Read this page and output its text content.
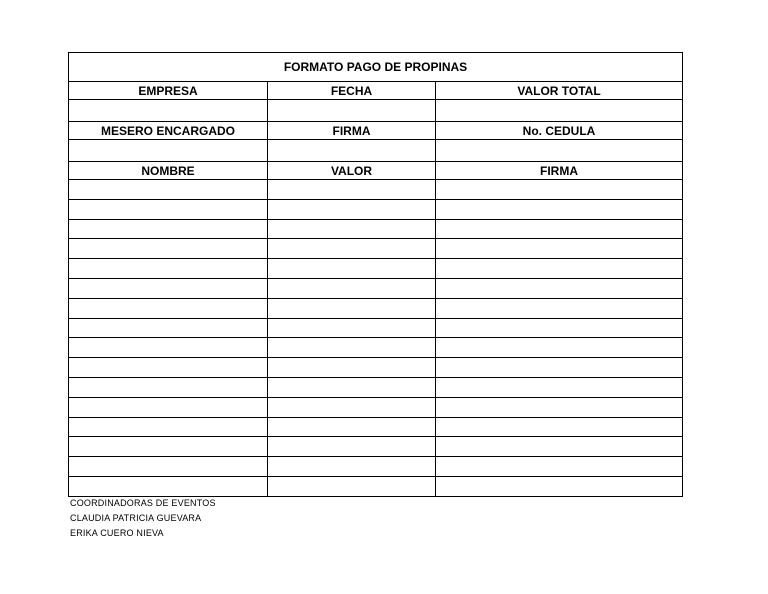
FORMATO PAGO DE PROPINAS		
EMPRESA	FECHA	VALOR TOTAL

MESERO ENCARGADO	FIRMA	No. CEDULA

NOMBRE	VALOR	FIRMA

COORDINADORAS DE EVENTOS
CLAUDIA PATRICIA GUEVARA
ERIKA CUERO NIEVA
